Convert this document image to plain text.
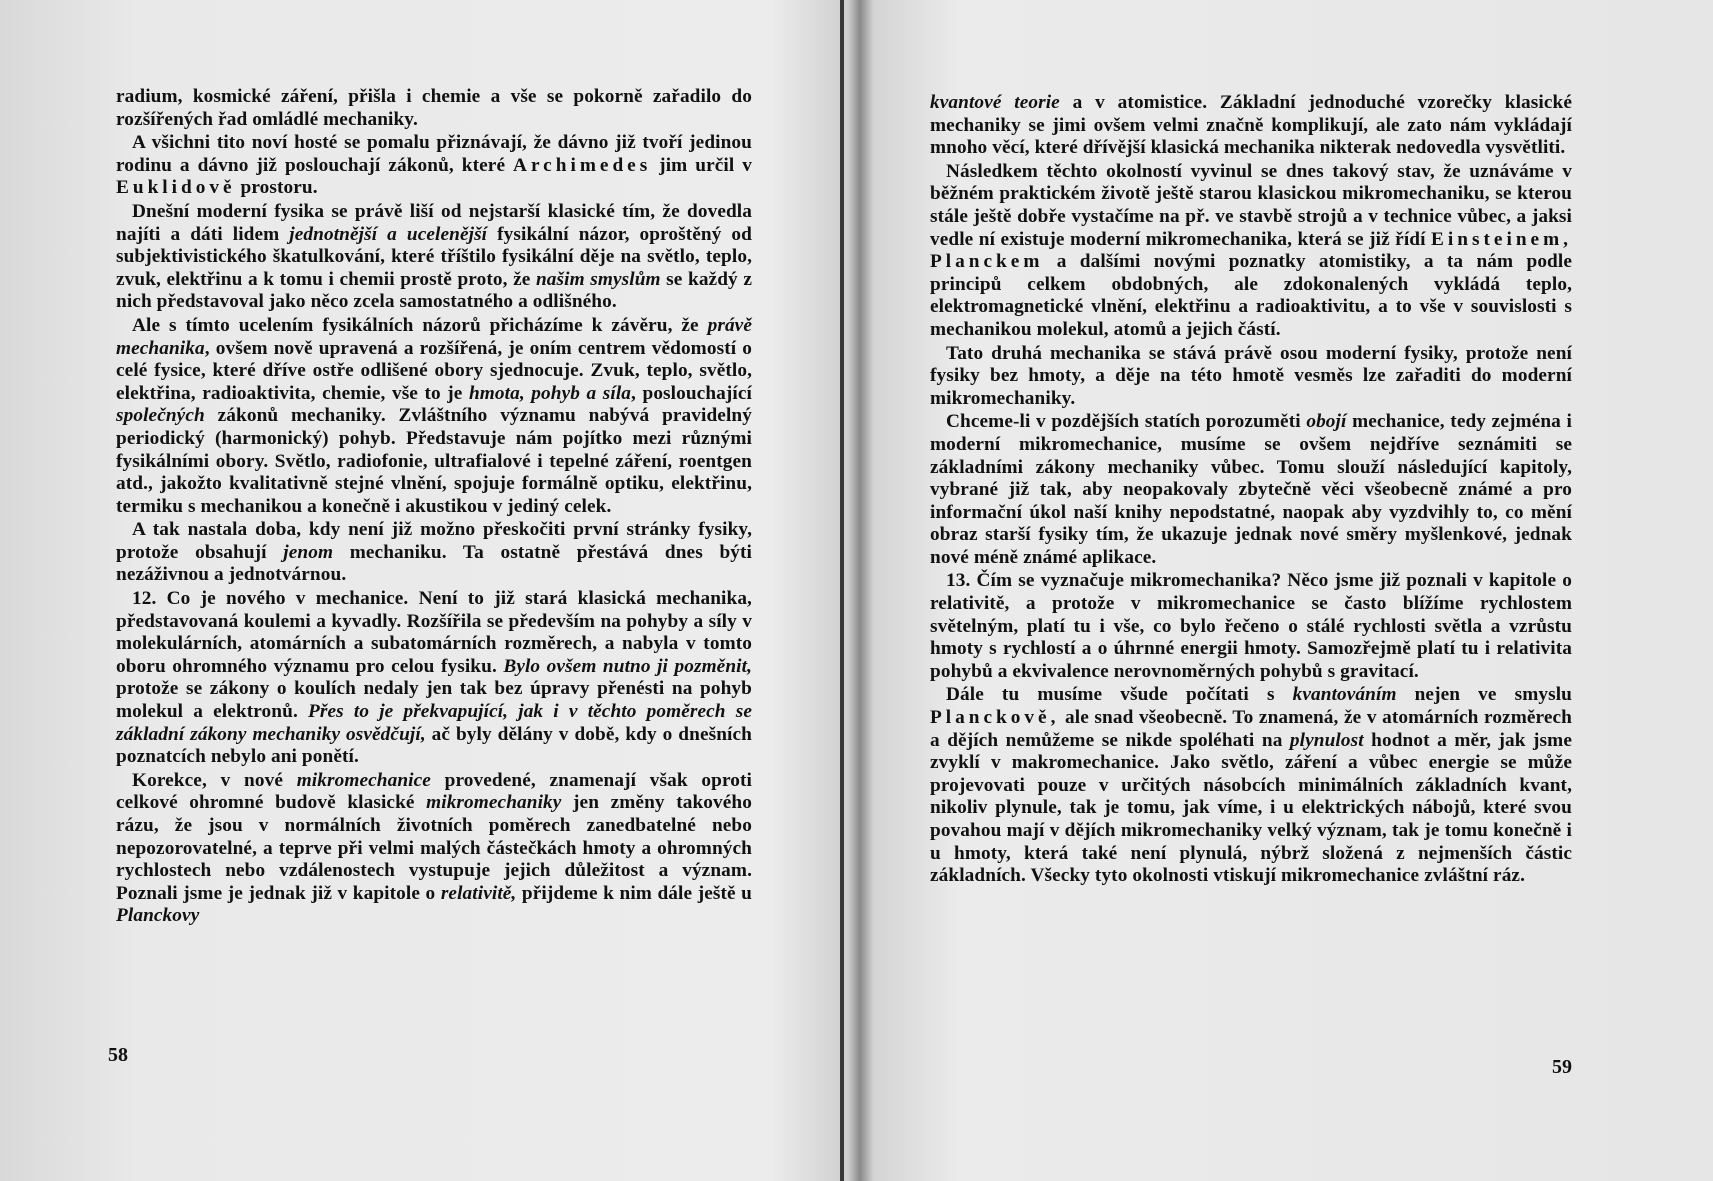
radium, kosmické záření, přišla i chemie a vše se pokorně zařadilo do rozšířených řad omládlé mechaniky.

A všichni tito noví hosté se pomalu přiznávají, že dávno již tvoří jedinou rodinu a dávno již poslouchají zákonů, které Archimedes jim určil v Euklidově prostoru.

Dnešní moderní fysika se právě liší od nejstarší klasické tím, že dovedla najíti a dáti lidem jednotnější a ucelenější fysikální názor, oproštěný od subjektivistického škatulkování, které tříštilo fysikální děje na světlo, teplo, zvuk, elektřinu a k tomu i chemii prostě proto, že našim smyslům se každý z nich představoval jako něco zcela samostatného a odlišného.

Ale s tímto ucelením fysikálních názorů přicházíme k závěru, že právě mechanika, ovšem nově upravená a rozšířená, je oním centrem vědomostí o celé fysice, které dříve ostře odlišené obory sjednocuje. Zvuk, teplo, světlo, elektřina, radioaktivita, chemie, vše to je hmota, pohyb a síla, poslouchající společných zákonů mechaniky. Zvláštního významu nabývá pravidelný periodický (harmonický) pohyb. Představuje nám pojítko mezi různými fysikálními obory. Světlo, radiofonie, ultrafialové i tepelné záření, roentgen atd., jakožto kvalitativně stejné vlnění, spojuje formálně optiku, elektřinu, termiku s mechanikou a konečně i akustikou v jediný celek.

A tak nastala doba, kdy není již možno přeskočiti první stránky fysiky, protože obsahují jenom mechaniku. Ta ostatně přestává dnes býti nezáživnou a jednotvárnou.

12. Co je nového v mechanice. Není to již stará klasická mechanika, představovaná koulemi a kyvadly. Rozšířila se především na pohyby a síly v molekulárních, atomárních a subatomárních rozměrech, a nabyla v tomto oboru ohromného významu pro celou fysiku. Bylo ovšem nutno ji pozměnit, protože se zákony o koulích nedaly jen tak bez úpravy přenésti na pohyb molekul a elektronů. Přes to je překvapující, jak i v těchto poměrech se základní zákony mechaniky osvědčují, ač byly dělány v době, kdy o dnešních poznatcích nebylo ani ponětí.

Korekce, v nové mikromechanice provedené, znamenají však oproti celkové ohromné budově klasické mikromechaniky jen změny takového rázu, že jsou v normálních životních poměrech zanedbatelné nebo nepozorovatelné, a teprve při velmi malých částečkách hmoty a ohromných rychlostech nebo vzdálenostech vystupuje jejich důležitost a význam. Poznali jsme je jednak již v kapitole o relativitě, přijdeme k nim dále ještě u Planckovy

58

kvantové teorie a v atomistice. Základní jednoduché vzorečky klasické mechaniky se jimi ovšem velmi značně komplikují, ale zato nám vykládají mnoho věcí, které dřívější klasická mechanika nikterak nedovedla vysvětliti.

Následkem těchto okolností vyvinul se dnes takový stav, že uznáváme v běžném praktickém životě ještě starou klasickou mikromechaniku, se kterou stále ještě dobře vystačíme na př. ve stavbě strojů a v technice vůbec, a jaksi vedle ní existuje moderní mikromechanika, která se již řídí Einsteinem, Planckem a dalšími novými poznatky atomistiky, a ta nám podle principů celkem obdobných, ale zdokonalených vykládá teplo, elektromagnetické vlnění, elektřinu a radioaktivitu, a to vše v souvislosti s mechanikou molekul, atomů a jejich částí.

Tato druhá mechanika se stává právě osou moderní fysiky, protože není fysiky bez hmoty, a děje na této hmotě vesměs lze zařaditi do moderní mikromechaniky.

Chceme-li v pozdějších statích porozuměti obojí mechanice, tedy zejména i moderní mikromechanice, musíme se ovšem nejdříve seznámiti se základními zákony mechaniky vůbec. Tomu slouží následující kapitoly, vybrané již tak, aby neopakovaly zbytečně věci všeobecně známé a pro informační úkol naší knihy nepodstatné, naopak aby vyzdvihly to, co mění obraz starší fysiky tím, že ukazuje jednak nové směry myšlenkové, jednak nové méně známé aplikace.

13. Čím se vyznačuje mikromechanika? Něco jsme již poznali v kapitole o relativitě, a protože v mikromechanice se často blížíme rychlostem světelným, platí tu i vše, co bylo řečeno o stálé rychlosti světla a vzrůstu hmoty s rychlostí a o úhrnné energii hmoty. Samozřejmě platí tu i relativita pohybů a ekvivalence nerovnoměrných pohybů s gravitací.

Dále tu musíme všude počítati s kvantováním nejen ve smyslu Planckově, ale snad všeobecně. To znamená, že v atomárních rozměrech a dějích nemůžeme se nikde spoléhati na plynulost hodnot a měr, jak jsme zvyklí v makromechanice. Jako světlo, záření a vůbec energie se může projevovati pouze v určitých násobcích minimálních základních kvant, nikoliv plynule, tak je tomu, jak víme, i u elektrických nábojů, které svou povahou mají v dějích mikromechaniky velký význam, tak je tomu konečně i u hmoty, která také není plynulá, nýbrž složená z nejmenších částic základních. Všecky tyto okolnosti vtiskují mikromechanice zvláštní ráz.

59
